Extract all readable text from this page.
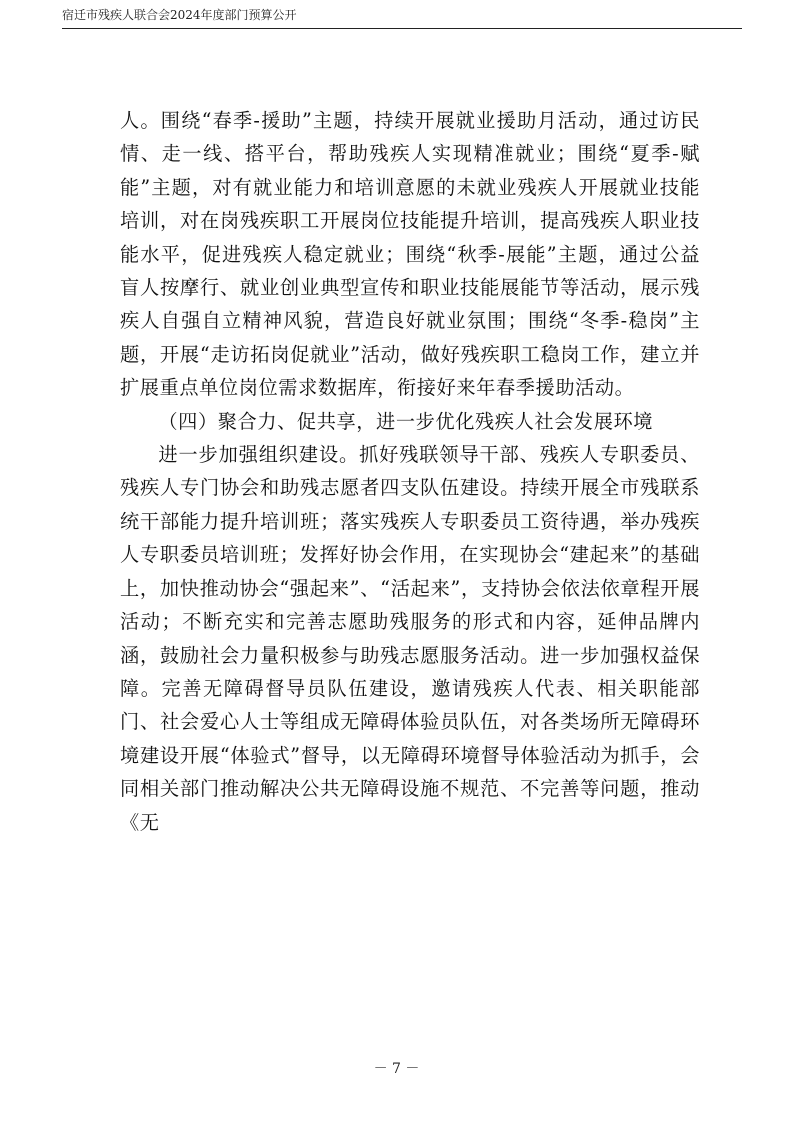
宿迁市残疾人联合会2024年度部门预算公开

人。围绕“春季-援助”主题，持续开展就业援助月活动，通过访民情、走一线、搭平台，帮助残疾人实现精准就业；围绕“夏季-赋能”主题，对有就业能力和培训意愿的未就业残疾人开展就业技能培训，对在岗残疾职工开展岗位技能提升培训，提高残疾人职业技能水平，促进残疾人稳定就业；围绕“秋季-展能”主题，通过公益盲人按摩行、就业创业典型宣传和职业技能展能节等活动，展示残疾人自强自立精神风貌，营造良好就业氛围；围绕“冬季-稳岗”主题，开展“走访拓岗促就业”活动，做好残疾职工稳岗工作，建立并扩展重点单位岗位需求数据库，衔接好来年春季援助活动。

（四）聚合力、促共享，进一步优化残疾人社会发展环境

进一步加强组织建设。抓好残联领导干部、残疾人专职委员、残疾人专门协会和助残志愿者四支队伍建设。持续开展全市残联系统干部能力提升培训班；落实残疾人专职委员工资待遇，举办残疾人专职委员培训班；发挥好协会作用，在实现协会“建起来”的基础上，加快推动协会“强起来”、“活起来”，支持协会依法依章程开展活动；不断充实和完善志愿助残服务的形式和内容，延伸品牌内涵，鼓励社会力量积极参与助残志愿服务活动。进一步加强权益保障。完善无障碍督导员队伍建设，邀请残疾人代表、相关职能部门、社会爱心人士等组成无障碍体验员队伍，对各类场所无障碍环境建设开展“体验式”督导，以无障碍环境督导体验活动为抓手，会同相关部门推动解决公共无障碍设施不规范、不完善等问题，推动《无

－ 7 －
